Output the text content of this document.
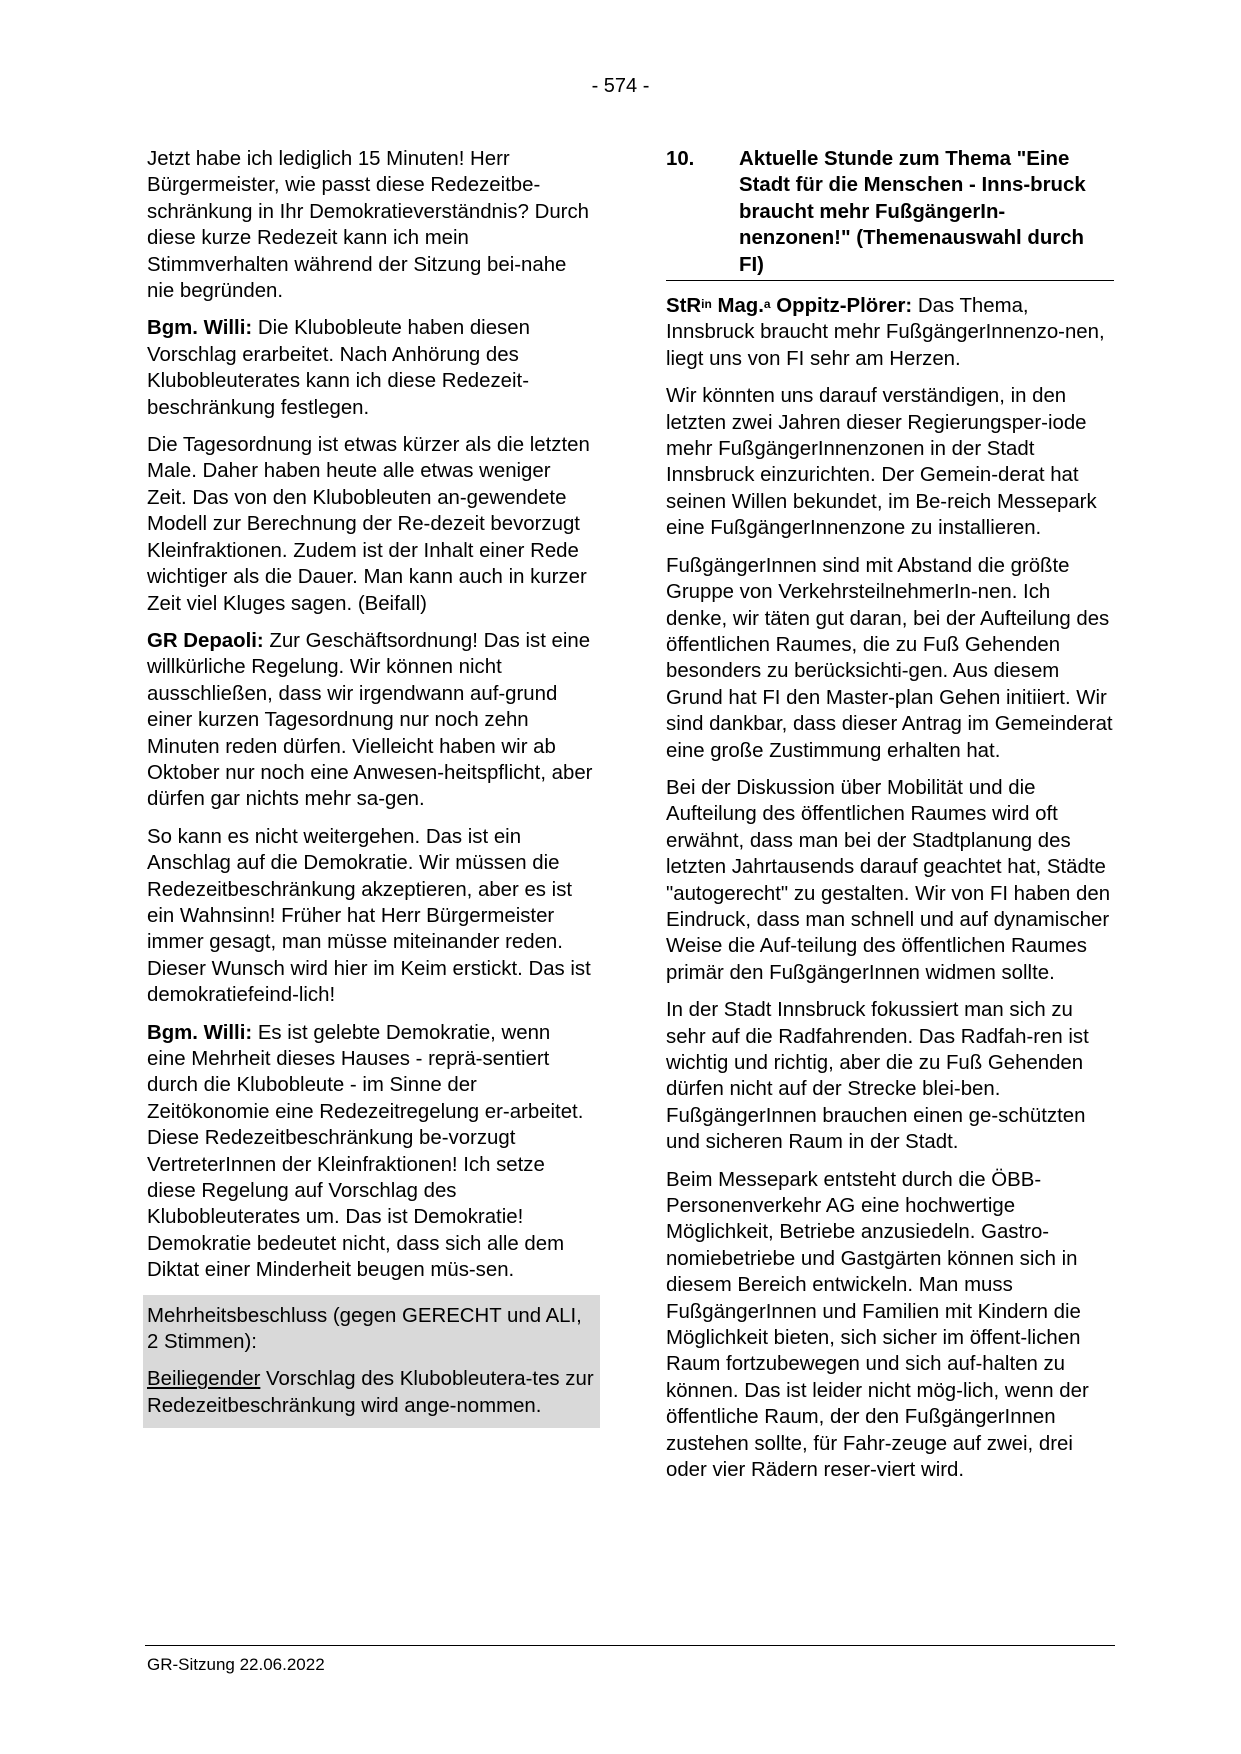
- 574 -

Jetzt habe ich lediglich 15 Minuten! Herr Bürgermeister, wie passt diese Redezeitbe-schränkung in Ihr Demokratieverständnis? Durch diese kurze Redezeit kann ich mein Stimmverhalten während der Sitzung bei-nahe nie begründen.

Bgm. Willi: Die Klubobleute haben diesen Vorschlag erarbeitet. Nach Anhörung des Klubobleuterates kann ich diese Redezeit-beschränkung festlegen.

Die Tagesordnung ist etwas kürzer als die letzten Male. Daher haben heute alle etwas weniger Zeit. Das von den Klubobleuten an-gewendete Modell zur Berechnung der Re-dezeit bevorzugt Kleinfraktionen. Zudem ist der Inhalt einer Rede wichtiger als die Dauer. Man kann auch in kurzer Zeit viel Kluges sagen. (Beifall)

GR Depaoli: Zur Geschäftsordnung! Das ist eine willkürliche Regelung. Wir können nicht ausschließen, dass wir irgendwann auf-grund einer kurzen Tagesordnung nur noch zehn Minuten reden dürfen. Vielleicht haben wir ab Oktober nur noch eine Anwesen-heitspflicht, aber dürfen gar nichts mehr sa-gen.

So kann es nicht weitergehen. Das ist ein Anschlag auf die Demokratie. Wir müssen die Redezeitbeschränkung akzeptieren, aber es ist ein Wahnsinn! Früher hat Herr Bürgermeister immer gesagt, man müsse miteinander reden. Dieser Wunsch wird hier im Keim erstickt. Das ist demokratiefeind-lich!

Bgm. Willi: Es ist gelebte Demokratie, wenn eine Mehrheit dieses Hauses - reprä-sentiert durch die Klubobleute - im Sinne der Zeitökonomie eine Redezeitregelung er-arbeitet. Diese Redezeitbeschränkung be-vorzugt VertreterInnen der Kleinfraktionen! Ich setze diese Regelung auf Vorschlag des Klubobleuterates um. Das ist Demokratie! Demokratie bedeutet nicht, dass sich alle dem Diktat einer Minderheit beugen müs-sen.

Mehrheitsbeschluss (gegen GERECHT und ALI, 2 Stimmen):

Beiliegender Vorschlag des Klubobleutera-tes zur Redezeitbeschränkung wird ange-nommen.

10.	Aktuelle Stunde zum Thema "Eine Stadt für die Menschen - Inns-bruck braucht mehr FußgängerIn-nenzonen!" (Themenauswahl durch FI)

StR$^{in}$ Mag.$^a$ Oppitz-Plörer: Das Thema, Innsbruck braucht mehr FußgängerInnenzo-nen, liegt uns von FI sehr am Herzen.

Wir könnten uns darauf verständigen, in den letzten zwei Jahren dieser Regierungsper-iode mehr FußgängerInnenzonen in der Stadt Innsbruck einzurichten. Der Gemein-derat hat seinen Willen bekundet, im Be-reich Messepark eine FußgängerInnenzone zu installieren.

FußgängerInnen sind mit Abstand die größte Gruppe von VerkehrsteilnehmerIn-nen. Ich denke, wir täten gut daran, bei der Aufteilung des öffentlichen Raumes, die zu Fuß Gehenden besonders zu berücksichti-gen. Aus diesem Grund hat FI den Master-plan Gehen initiiert. Wir sind dankbar, dass dieser Antrag im Gemeinderat eine große Zustimmung erhalten hat.

Bei der Diskussion über Mobilität und die Aufteilung des öffentlichen Raumes wird oft erwähnt, dass man bei der Stadtplanung des letzten Jahrtausends darauf geachtet hat, Städte "autogerecht" zu gestalten. Wir von FI haben den Eindruck, dass man schnell und auf dynamischer Weise die Auf-teilung des öffentlichen Raumes primär den FußgängerInnen widmen sollte.

In der Stadt Innsbruck fokussiert man sich zu sehr auf die Radfahrenden. Das Radfah-ren ist wichtig und richtig, aber die zu Fuß Gehenden dürfen nicht auf der Strecke blei-ben. FußgängerInnen brauchen einen ge-schützten und sicheren Raum in der Stadt.

Beim Messepark entsteht durch die ÖBB-Personenverkehr AG eine hochwertige Möglichkeit, Betriebe anzusiedeln. Gastro-nomiebetriebe und Gastgärten können sich in diesem Bereich entwickeln. Man muss FußgängerInnen und Familien mit Kindern die Möglichkeit bieten, sich sicher im öffent-lichen Raum fortzubewegen und sich auf-halten zu können. Das ist leider nicht mög-lich, wenn der öffentliche Raum, der den FußgängerInnen zustehen sollte, für Fahr-zeuge auf zwei, drei oder vier Rädern reser-viert wird.

GR-Sitzung 22.06.2022
